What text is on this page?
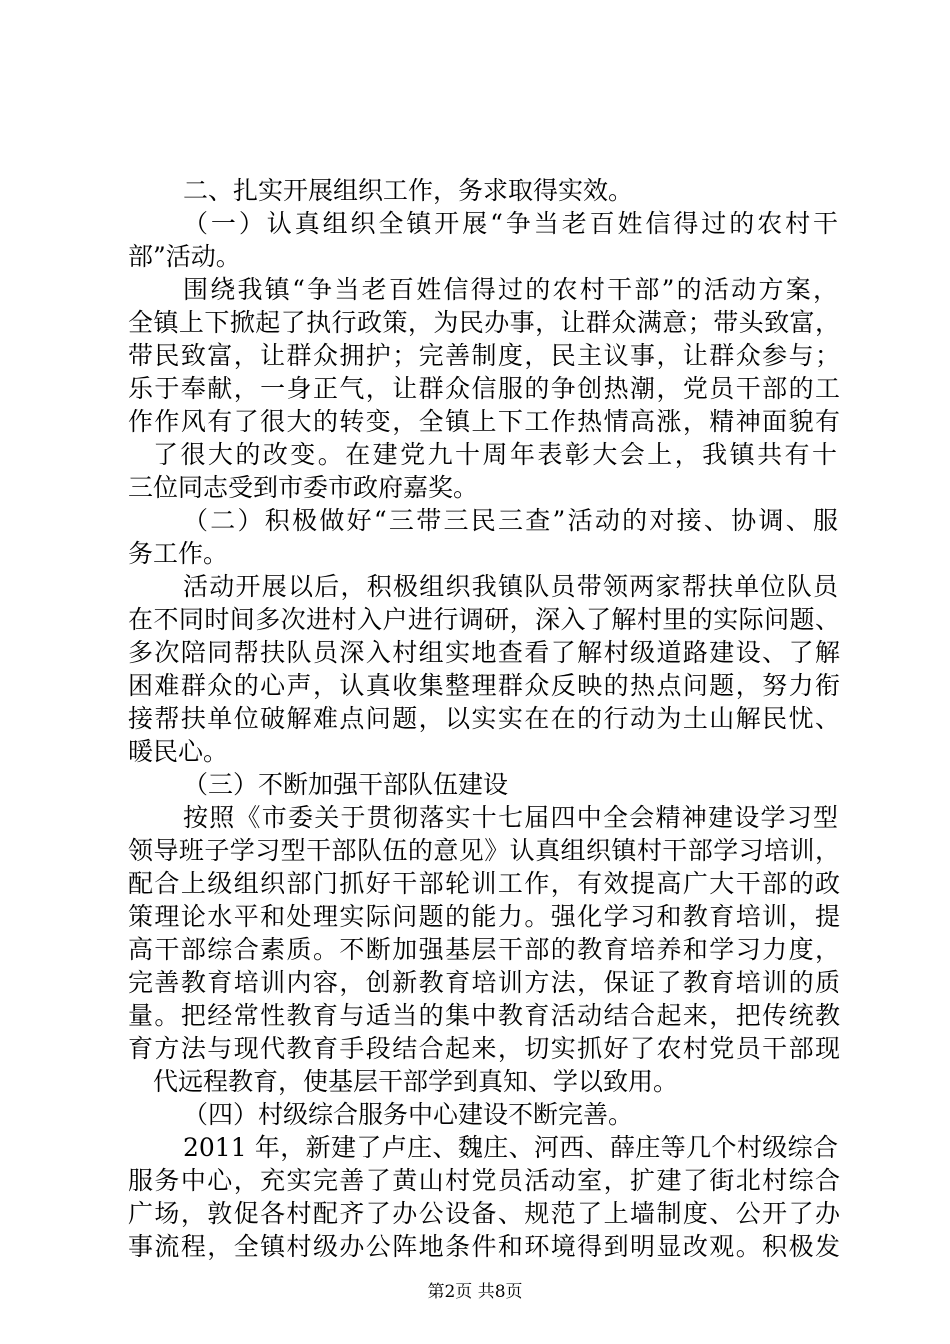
二、扎实开展组织工作，务求取得实效。
（一）认真组织全镇开展“争当老百姓信得过的农村干
部”活动。
围绕我镇“争当老百姓信得过的农村干部”的活动方案，
全镇上下掀起了执行政策，为民办事，让群众满意；带头致富，
带民致富，让群众拥护；完善制度，民主议事，让群众参与；
乐于奉献，一身正气，让群众信服的争创热潮，党员干部的工
作作风有了很大的转变，全镇上下工作热情高涨，精神面貌有
了很大的改变。在建党九十周年表彰大会上，我镇共有十
三位同志受到市委市政府嘉奖。
（二）积极做好“三带三民三查”活动的对接、协调、服
务工作。
活动开展以后，积极组织我镇队员带领两家帮扶单位队员
在不同时间多次进村入户进行调研，深入了解村里的实际问题、
多次陪同帮扶队员深入村组实地查看了解村级道路建设、了解
困难群众的心声，认真收集整理群众反映的热点问题，努力衔
接帮扶单位破解难点问题，以实实在在的行动为土山解民忧、
暖民心。
（三）不断加强干部队伍建设
按照《市委关于贯彻落实十七届四中全会精神建设学习型
领导班子学习型干部队伍的意见》认真组织镇村干部学习培训，
配合上级组织部门抓好干部轮训工作，有效提高广大干部的政
策理论水平和处理实际问题的能力。强化学习和教育培训，提
高干部综合素质。不断加强基层干部的教育培养和学习力度，
完善教育培训内容，创新教育培训方法，保证了教育培训的质
量。把经常性教育与适当的集中教育活动结合起来，把传统教
育方法与现代教育手段结合起来，切实抓好了农村党员干部现
代远程教育，使基层干部学到真知、学以致用。
（四）村级综合服务中心建设不断完善。
2011 年，新建了卢庄、魏庄、河西、薛庄等几个村级综合
服务中心，充实完善了黄山村党员活动室，扩建了街北村综合
广场，敦促各村配齐了办公设备、规范了上墙制度、公开了办
事流程，全镇村级办公阵地条件和环境得到明显改观。积极发
第2页 共8页
